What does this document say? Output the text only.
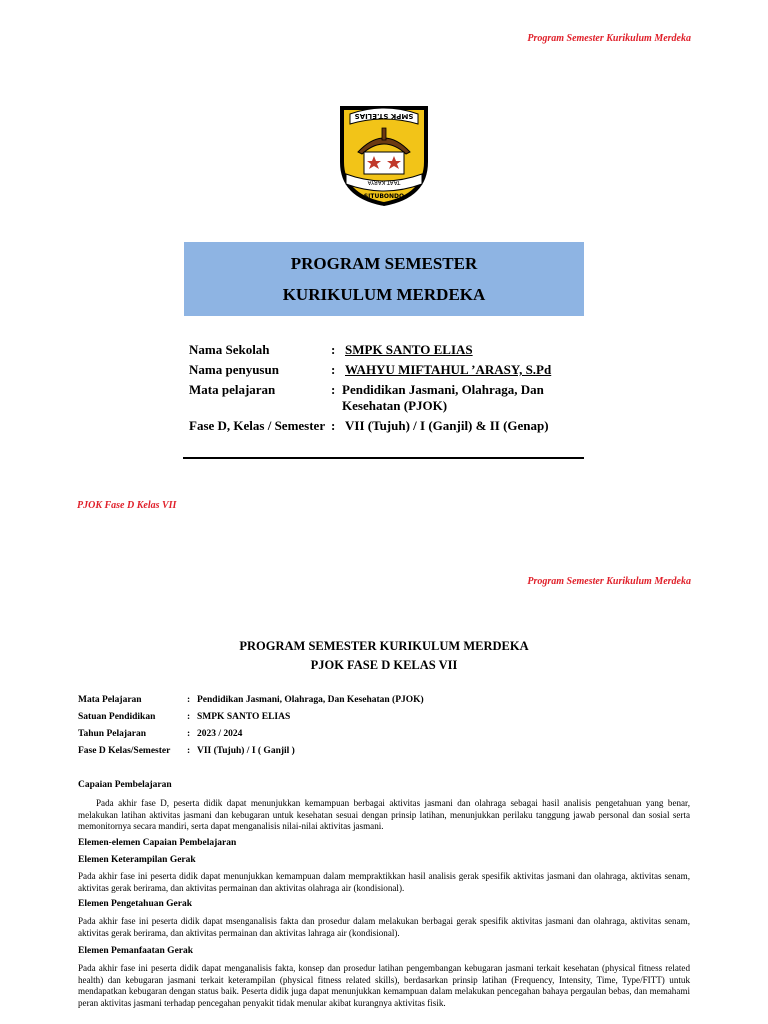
Program Semester Kurikulum Merdeka
SMPK ST.ELIAS
TAAT KARYA
SITUBONDO
PROGRAM SEMESTER
KURIKULUM MERDEKA
Nama Sekolah	: SMPK SANTO ELIAS
Nama penyusun	: WAHYU MIFTAHUL ’ARASY, S.Pd
Mata pelajaran	: Pendidikan Jasmani, Olahraga, Dan
Kesehatan (PJOK)
Fase D, Kelas / Semester : VII (Tujuh) / I (Ganjil) & II (Genap)
PJOK Fase D Kelas VII
Program Semester Kurikulum Merdeka
PROGRAM SEMESTER KURIKULUM MERDEKA
PJOK FASE D KELAS VII
Mata Pelajaran	: Pendidikan Jasmani, Olahraga, Dan Kesehatan (PJOK)
Satuan Pendidikan	: SMPK SANTO ELIAS
Tahun Pelajaran	: 2023 / 2024
Fase D Kelas/Semester : VII (Tujuh) / I ( Ganjil )
Capaian Pembelajaran
Pada akhir fase D, peserta didik dapat menunjukkan kemampuan berbagai aktivitas jasmani dan olahraga sebagai hasil analisis pengetahuan yang benar, melakukan latihan aktivitas jasmani dan kebugaran untuk kesehatan sesuai dengan prinsip latihan, menunjukkan perilaku tanggung jawab personal dan sosial serta memonitornya secara mandiri, serta dapat menganalisis nilai-nilai aktivitas jasmani.
Elemen-elemen Capaian Pembelajaran
Elemen Keterampilan Gerak
Pada akhir fase ini peserta didik dapat menunjukkan kemampuan dalam mempraktikkan hasil analisis gerak spesifik aktivitas jasmani dan olahraga, aktivitas senam, aktivitas gerak berirama, dan aktivitas permainan dan aktivitas olahraga air (kondisional).
Elemen Pengetahuan Gerak
Pada akhir fase ini peserta didik dapat msenganalisis fakta dan prosedur dalam melakukan berbagai gerak spesifik aktivitas jasmani dan olahraga, aktivitas senam, aktivitas gerak berirama, dan aktivitas permainan dan aktivitas lahraga air (kondisional).
Elemen Pemanfaatan Gerak
Pada akhir fase ini peserta didik dapat menganalisis fakta, konsep dan prosedur latihan pengembangan kebugaran jasmani terkait kesehatan (physical fitness related health) dan kebugaran jasmani terkait keterampilan (physical fitness related skills), berdasarkan prinsip latihan (Frequency, Intensity, Time, Type/FITT) untuk mendapatkan kebugaran dengan status baik. Peserta didik juga dapat menunjukkan kemampuan dalam melakukan pencegahan bahaya pergaulan bebas, dan memahami peran aktivitas jasmani terhadap pencegahan penyakit tidak menular akibat kurangnya aktivitas fisik.
